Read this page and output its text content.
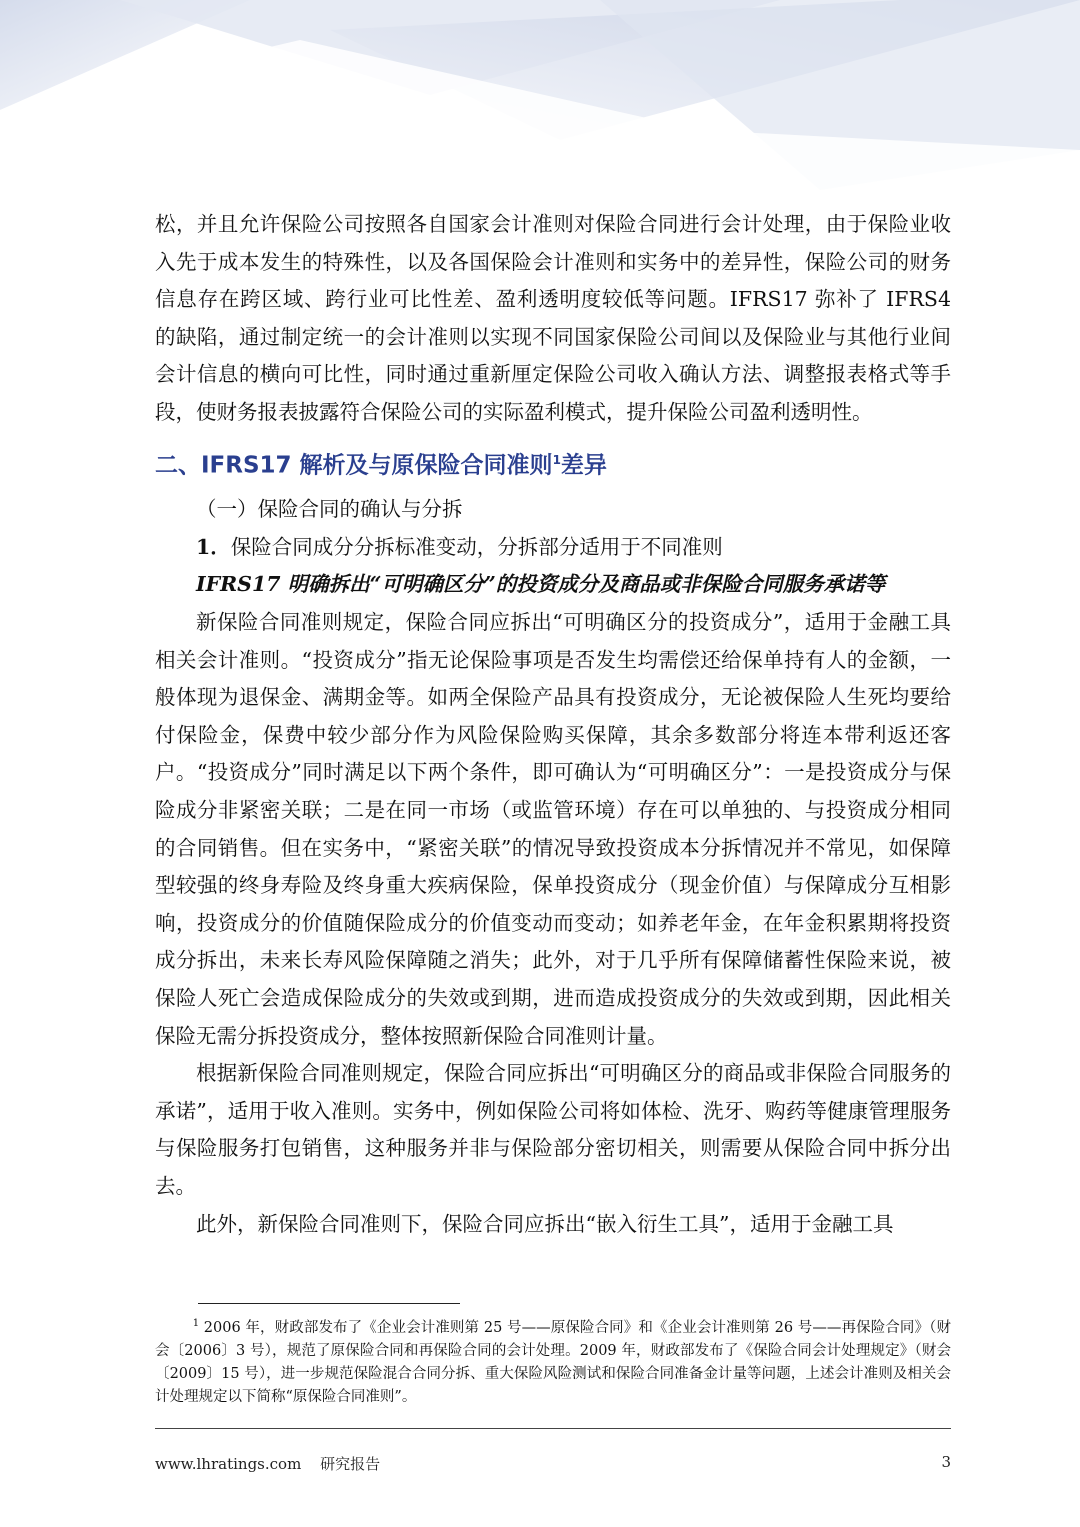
松，并且允许保险公司按照各自国家会计准则对保险合同进行会计处理，由于保险业收入先于成本发生的特殊性，以及各国保险会计准则和实务中的差异性，保险公司的财务信息存在跨区域、跨行业可比性差、盈利透明度较低等问题。IFRS17 弥补了 IFRS4 的缺陷，通过制定统一的会计准则以实现不同国家保险公司间以及保险业与其他行业间会计信息的横向可比性，同时通过重新厘定保险公司收入确认方法、调整报表格式等手段，使财务报表披露符合保险公司的实际盈利模式，提升保险公司盈利透明性。

二、IFRS17 解析及与原保险合同准则$^1$差异

（一）保险合同的确认与分拆

1．保险合同成分分拆标准变动，分拆部分适用于不同准则

IFRS17 明确拆出“可明确区分”的投资成分及商品或非保险合同服务承诺等

新保险合同准则规定，保险合同应拆出“可明确区分的投资成分”，适用于金融工具相关会计准则。“投资成分”指无论保险事项是否发生均需偿还给保单持有人的金额，一般体现为退保金、满期金等。如两全保险产品具有投资成分，无论被保险人生死均要给付保险金，保费中较少部分作为风险保险购买保障，其余多数部分将连本带利返还客户。“投资成分”同时满足以下两个条件，即可确认为“可明确区分”：一是投资成分与保险成分非紧密关联；二是在同一市场（或监管环境）存在可以单独的、与投资成分相同的合同销售。但在实务中，“紧密关联”的情况导致投资成本分拆情况并不常见，如保障型较强的终身寿险及终身重大疾病保险，保单投资成分（现金价值）与保障成分互相影响，投资成分的价值随保险成分的价值变动而变动；如养老年金，在年金积累期将投资成分拆出，未来长寿风险保障随之消失；此外，对于几乎所有保障储蓄性保险来说，被保险人死亡会造成保险成分的失效或到期，进而造成投资成分的失效或到期，因此相关保险无需分拆投资成分，整体按照新保险合同准则计量。

根据新保险合同准则规定，保险合同应拆出“可明确区分的商品或非保险合同服务的承诺”，适用于收入准则。实务中，例如保险公司将如体检、洗牙、购药等健康管理服务与保险服务打包销售，这种服务并非与保险部分密切相关，则需要从保险合同中拆分出去。

此外，新保险合同准则下，保险合同应拆出“嵌入衍生工具”，适用于金融工具

$^1$ 2006 年，财政部发布了《企业会计准则第 25 号——原保险合同》和《企业会计准则第 26 号——再保险合同》（财会〔2006〕3 号），规范了原保险合同和再保险合同的会计处理。2009 年，财政部发布了《保险合同会计处理规定》（财会〔2009〕15 号），进一步规范保险混合合同分拆、重大保险风险测试和保险合同准备金计量等问题，上述会计准则及相关会计处理规定以下简称“原保险合同准则”。

www.lhratings.com 研究报告	3
